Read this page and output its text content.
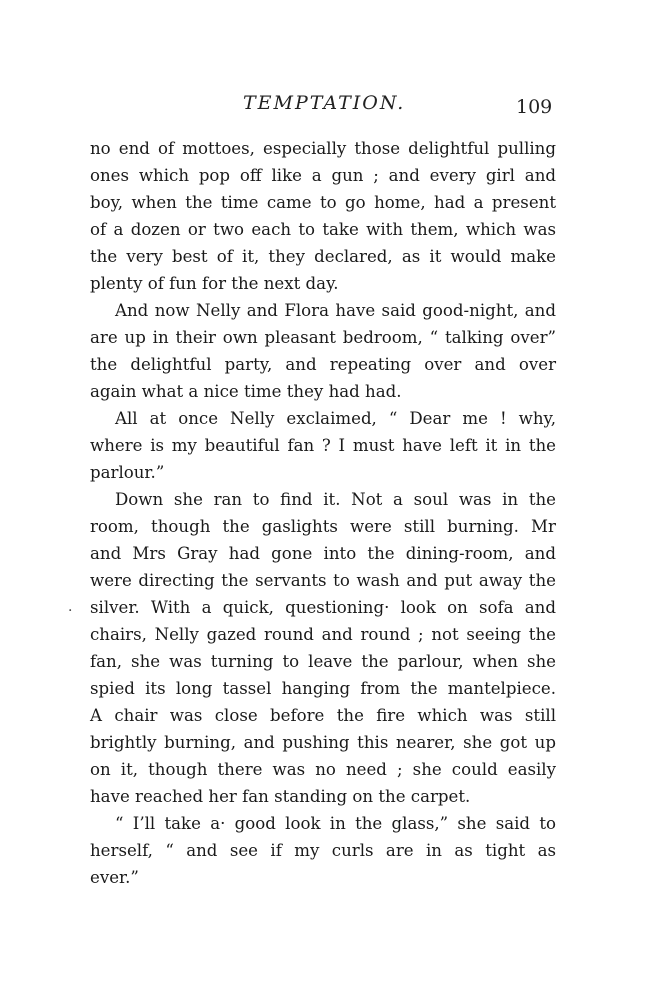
TEMPTATION.	109
·
no end of mottoes, especially those delightful pulling
ones which pop off like a gun ; and every girl and
boy, when the time came to go home, had a present
of a dozen or two each to take with them, which was
the very best of it, they declared, as it would make
plenty of fun for the next day.
And now Nelly and Flora have said good-night, and
are up in their own pleasant bedroom, “ talking over”
the delightful party, and repeating over and over
again what a nice time they had had.
All at once Nelly exclaimed, “ Dear me ! why,
where is my beautiful fan ? I must have left it in the
parlour.”
Down she ran to find it. Not a soul was in the
room, though the gaslights were still burning. Mr
and Mrs Gray had gone into the dining-room, and
were directing the servants to wash and put away the
silver. With a quick, questioning· look on sofa and
chairs, Nelly gazed round and round ; not seeing the
fan, she was turning to leave the parlour, when she
spied its long tassel hanging from the mantelpiece.
A chair was close before the fire which was still
brightly burning, and pushing this nearer, she got up
on it, though there was no need ; she could easily
have reached her fan standing on the carpet.
“ I’ll take a· good look in the glass,” she said to
herself, “ and see if my curls are in as tight as
ever.”
